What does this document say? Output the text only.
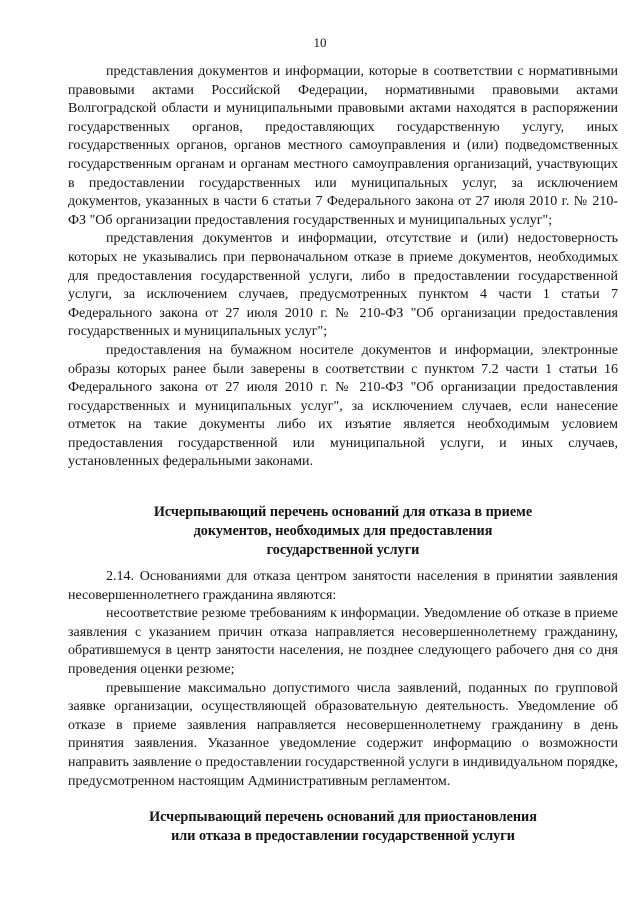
10

представления документов и информации, которые в соответствии с нормативными правовыми актами Российской Федерации, нормативными правовыми актами Волгоградской области и муниципальными правовыми актами находятся в распоряжении государственных органов, предоставляющих государственную услугу, иных государственных органов, органов местного самоуправления и (или) подведомственных государственным органам и органам местного самоуправления организаций, участвующих в предоставлении государственных или муниципальных услуг, за исключением документов, указанных в части 6 статьи 7 Федерального закона от 27 июля 2010 г. № 210-ФЗ "Об организации предоставления государственных и муниципальных услуг";

представления документов и информации, отсутствие и (или) недостоверность которых не указывались при первоначальном отказе в приеме документов, необходимых для предоставления государственной услуги, либо в предоставлении государственной услуги, за исключением случаев, предусмотренных пунктом 4 части 1 статьи 7 Федерального закона от 27 июля 2010 г. № 210-ФЗ "Об организации предоставления государственных и муниципальных услуг";

предоставления на бумажном носителе документов и информации, электронные образы которых ранее были заверены в соответствии с пунктом 7.2 части 1 статьи 16 Федерального закона от 27 июля 2010 г. № 210-ФЗ "Об организации предоставления государственных и муниципальных услуг", за исключением случаев, если нанесение отметок на такие документы либо их изъятие является необходимым условием предоставления государственной или муниципальной услуги, и иных случаев, установленных федеральными законами.

Исчерпывающий перечень оснований для отказа в приеме
документов, необходимых для предоставления
государственной услуги

2.14. Основаниями для отказа центром занятости населения в принятии заявления несовершеннолетнего гражданина являются:

несоответствие резюме требованиям к информации. Уведомление об отказе в приеме заявления с указанием причин отказа направляется несовершеннолетнему гражданину, обратившемуся в центр занятости населения, не позднее следующего рабочего дня со дня проведения оценки резюме;

превышение максимально допустимого числа заявлений, поданных по групповой заявке организации, осуществляющей образовательную деятельность. Уведомление об отказе в приеме заявления направляется несовершеннолетнему гражданину в день принятия заявления. Указанное уведомление содержит информацию о возможности направить заявление о предоставлении государственной услуги в индивидуальном порядке, предусмотренном настоящим Административным регламентом.

Исчерпывающий перечень оснований для приостановления
или отказа в предоставлении государственной услуги
